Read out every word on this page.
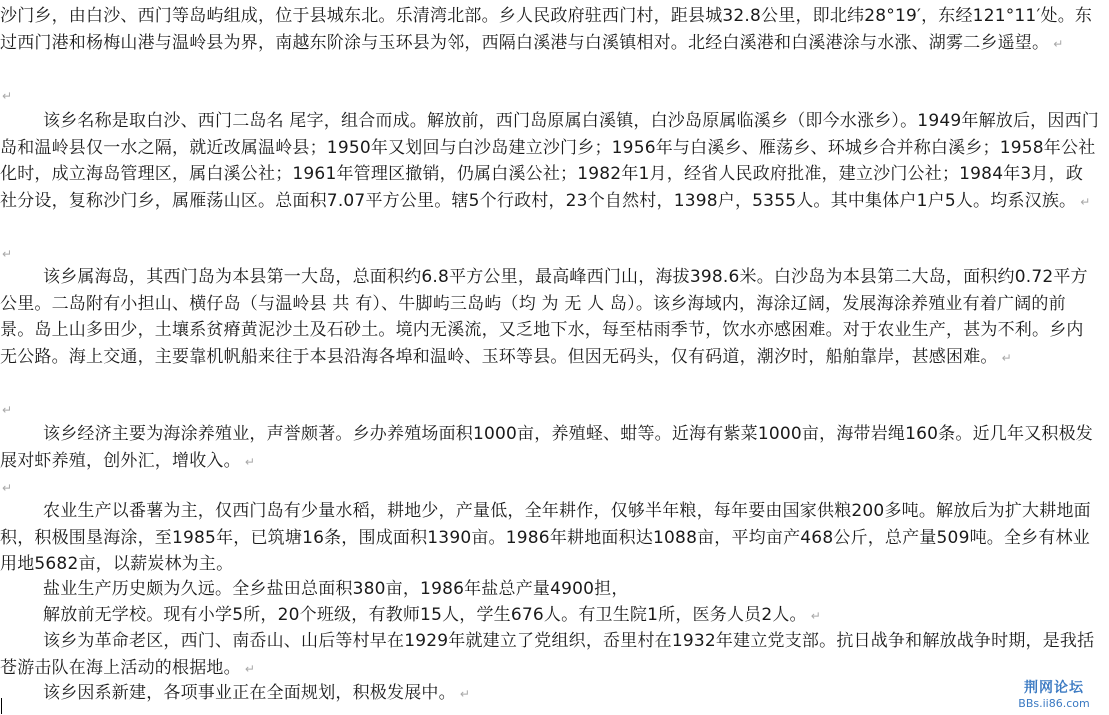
沙门乡，由白沙、西门等岛屿组成，位于县城东北。乐清湾北部。乡人民政府驻西门村，距县城32.8公里，即北纬28°19′，东经121°11′处。东过西门港和杨梅山港与温岭县为界，南越东阶涂与玉环县为邻，西隔白溪港与白溪镇相对。北经白溪港和白溪港涂与水涨、湖雾二乡遥望。 ↵

↵

该乡名称是取白沙、西门二岛名 尾字，组合而成。解放前，西门岛原属白溪镇，白沙岛原属临溪乡（即今水涨乡）。1949年解放后，因西门岛和温岭县仅一水之隔，就近改属温岭县；1950年又划回与白沙岛建立沙门乡；1956年与白溪乡、雁荡乡、环城乡合并称白溪乡；1958年公社化时，成立海岛管理区，属白溪公社；1961年管理区撤销，仍属白溪公社；1982年1月，经省人民政府批准，建立沙门公社；1984年3月，政社分设，复称沙门乡，属雁荡山区。总面积7.07平方公里。辖5个行政村，23个自然村，1398户，5355人。其中集体户1户5人。均系汉族。 ↵

↵

该乡属海岛，其西门岛为本县第一大岛，总面积约6.8平方公里，最高峰西门山，海拔398.6米。白沙岛为本县第二大岛，面积约0.72平方公里。二岛附有小担山、横仔岛（与温岭县 共 有）、牛脚屿三岛屿（均 为 无 人 岛）。该乡海域内，海涂辽阔，发展海涂养殖业有着广阔的前景。岛上山多田少，土壤系贫瘠黄泥沙土及石砂土。境内无溪流，又乏地下水，每至枯雨季节，饮水亦感困难。对于农业生产，甚为不利。乡内无公路。海上交通，主要靠机帆船来往于本县沿海各埠和温岭、玉环等县。但因无码头，仅有码道，潮汐时，船舶靠岸，甚感困难。 ↵

↵

该乡经济主要为海涂养殖业，声誉颇著。乡办养殖场面积1000亩，养殖蛏、蚶等。近海有紫菜1000亩，海带岩绳160条。近几年又积极发展对虾养殖，创外汇，增收入。 ↵

↵

农业生产以番薯为主，仅西门岛有少量水稻，耕地少，产量低，全年耕作，仅够半年粮，每年要由国家供粮200多吨。解放后为扩大耕地面积，积极围垦海涂，至1985年，已筑塘16条，围成面积1390亩。1986年耕地面积达1088亩，平均亩产468公斤，总产量509吨。全乡有林业用地5682亩，以薪炭林为主。

盐业生产历史颇为久远。全乡盐田总面积380亩，1986年盐总产量4900担，

解放前无学校。现有小学5所，20个班级，有教师15人，学生676人。有卫生院1所，医务人员2人。 ↵

该乡为革命老区，西门、南岙山、山后等村早在1929年就建立了党组织，岙里村在1932年建立党支部。抗日战争和解放战争时期，是我括苍游击队在海上活动的根据地。 ↵

该乡因系新建，各项事业正在全面规划，积极发展中。 ↵	荆网论坛
BBs.ii86.com
